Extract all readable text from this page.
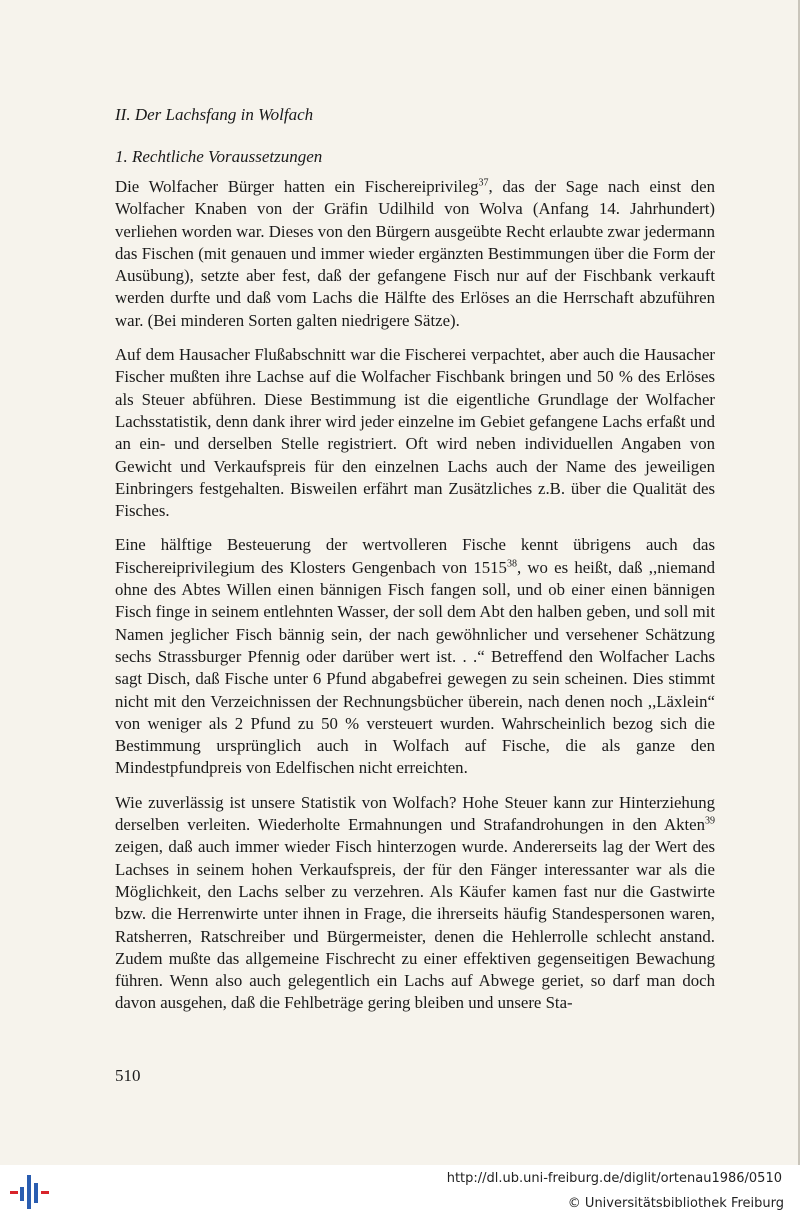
II. Der Lachsfang in Wolfach

1. Rechtliche Voraussetzungen

Die Wolfacher Bürger hatten ein Fischereiprivileg$^{37}$, das der Sage nach einst den Wolfacher Knaben von der Gräfin Udilhild von Wolva (Anfang 14. Jahrhundert) verliehen worden war. Dieses von den Bürgern ausgeübte Recht erlaubte zwar jedermann das Fischen (mit genauen und immer wieder ergänzten Bestimmungen über die Form der Ausübung), setzte aber fest, daß der gefangene Fisch nur auf der Fischbank verkauft werden durfte und daß vom Lachs die Hälfte des Erlöses an die Herrschaft abzuführen war. (Bei minderen Sorten galten niedrigere Sätze).

Auf dem Hausacher Flußabschnitt war die Fischerei verpachtet, aber auch die Hausacher Fischer mußten ihre Lachse auf die Wolfacher Fischbank bringen und 50 % des Erlöses als Steuer abführen. Diese Bestimmung ist die eigentliche Grundlage der Wolfacher Lachsstatistik, denn dank ihrer wird jeder einzelne im Gebiet gefangene Lachs erfaßt und an ein- und derselben Stelle registriert. Oft wird neben individuellen Angaben von Gewicht und Verkaufspreis für den einzelnen Lachs auch der Name des jeweiligen Einbringers festgehalten. Bisweilen erfährt man Zusätzliches z.B. über die Qualität des Fisches.

Eine hälftige Besteuerung der wertvolleren Fische kennt übrigens auch das Fischereiprivilegium des Klosters Gengenbach von 1515$^{38}$, wo es heißt, daß ,,niemand ohne des Abtes Willen einen bännigen Fisch fangen soll, und ob einer einen bännigen Fisch finge in seinem entlehnten Wasser, der soll dem Abt den halben geben, und soll mit Namen jeglicher Fisch bännig sein, der nach gewöhnlicher und versehener Schätzung sechs Strassburger Pfennig oder darüber wert ist. . .“ Betreffend den Wolfacher Lachs sagt Disch, daß Fische unter 6 Pfund abgabefrei gewegen zu sein scheinen. Dies stimmt nicht mit den Verzeichnissen der Rechnungsbücher überein, nach denen noch ,,Läxlein“ von weniger als 2 Pfund zu 50 % versteuert wurden. Wahrscheinlich bezog sich die Bestimmung ursprünglich auch in Wolfach auf Fische, die als ganze den Mindestpfundpreis von Edelfischen nicht erreichten.

Wie zuverlässig ist unsere Statistik von Wolfach? Hohe Steuer kann zur Hinterziehung derselben verleiten. Wiederholte Ermahnungen und Strafandrohungen in den Akten$^{39}$ zeigen, daß auch immer wieder Fisch hinterzogen wurde. Andererseits lag der Wert des Lachses in seinem hohen Verkaufspreis, der für den Fänger interessanter war als die Möglichkeit, den Lachs selber zu verzehren. Als Käufer kamen fast nur die Gastwirte bzw. die Herrenwirte unter ihnen in Frage, die ihrerseits häufig Standespersonen waren, Ratsherren, Ratschreiber und Bürgermeister, denen die Hehlerrolle schlecht anstand. Zudem mußte das allgemeine Fischrecht zu einer effektiven gegenseitigen Bewachung führen. Wenn also auch gelegentlich ein Lachs auf Abwege geriet, so darf man doch davon ausgehen, daß die Fehlbeträge gering bleiben und unsere Sta-

510
http://dl.ub.uni-freiburg.de/diglit/ortenau1986/0510
© Universitätsbibliothek Freiburg
